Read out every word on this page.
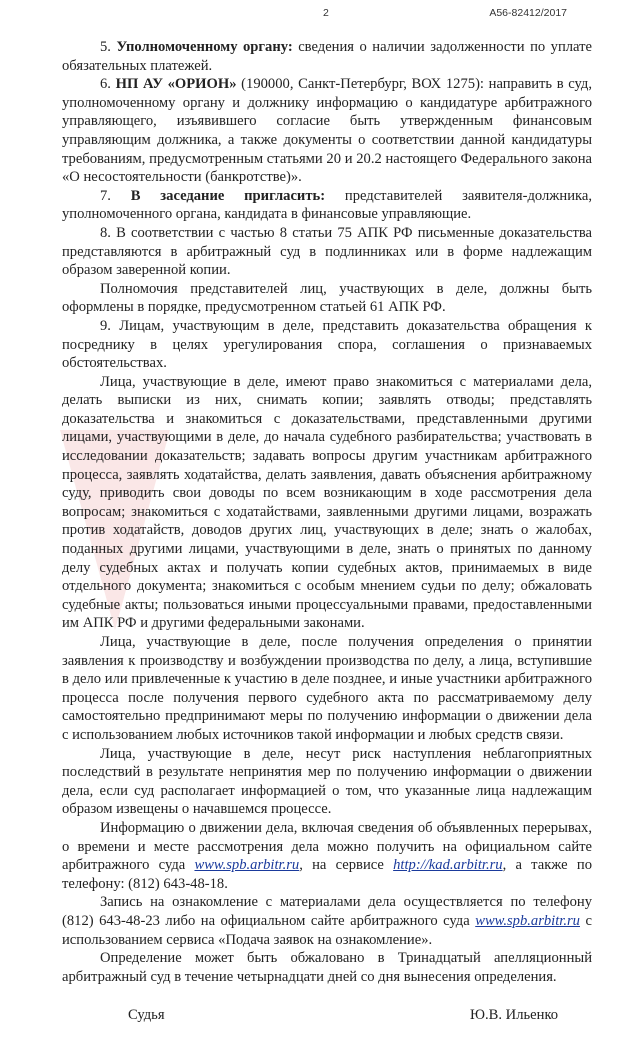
2	А56-82412/2017

5. Уполномоченному органу: сведения о наличии задолженности по уплате обязательных платежей.

6. НП АУ «ОРИОН» (190000, Санкт-Петербург, ВОХ 1275): направить в суд, уполномоченному органу и должнику информацию о кандидатуре арбитражного управляющего, изъявившего согласие быть утвержденным финансовым управляющим должника, а также документы о соответствии данной кандидатуры требованиям, предусмотренным статьями 20 и 20.2 настоящего Федерального закона «О несостоятельности (банкротстве)».

7. В заседание пригласить: представителей заявителя-должника, уполномоченного органа, кандидата в финансовые управляющие.

8. В соответствии с частью 8 статьи 75 АПК РФ письменные доказательства представляются в арбитражный суд в подлинниках или в форме надлежащим образом заверенной копии.

Полномочия представителей лиц, участвующих в деле, должны быть оформлены в порядке, предусмотренном статьей 61 АПК РФ.

9. Лицам, участвующим в деле, представить доказательства обращения к посреднику в целях урегулирования спора, соглашения о признаваемых обстоятельствах.

Лица, участвующие в деле, имеют право знакомиться с материалами дела, делать выписки из них, снимать копии; заявлять отводы; представлять доказательства и знакомиться с доказательствами, представленными другими лицами, участвующими в деле, до начала судебного разбирательства; участвовать в исследовании доказательств; задавать вопросы другим участникам арбитражного процесса, заявлять ходатайства, делать заявления, давать объяснения арбитражному суду, приводить свои доводы по всем возникающим в ходе рассмотрения дела вопросам; знакомиться с ходатайствами, заявленными другими лицами, возражать против ходатайств, доводов других лиц, участвующих в деле; знать о жалобах, поданных другими лицами, участвующими в деле, знать о принятых по данному делу судебных актах и получать копии судебных актов, принимаемых в виде отдельного документа; знакомиться с особым мнением судьи по делу; обжаловать судебные акты; пользоваться иными процессуальными правами, предоставленными им АПК РФ и другими федеральными законами.

Лица, участвующие в деле, после получения определения о принятии заявления к производству и возбуждении производства по делу, а лица, вступившие в дело или привлеченные к участию в деле позднее, и иные участники арбитражного процесса после получения первого судебного акта по рассматриваемому делу самостоятельно предпринимают меры по получению информации о движении дела с использованием любых источников такой информации и любых средств связи.

Лица, участвующие в деле, несут риск наступления неблагоприятных последствий в результате непринятия мер по получению информации о движении дела, если суд располагает информацией о том, что указанные лица надлежащим образом извещены о начавшемся процессе.

Информацию о движении дела, включая сведения об объявленных перерывах, о времени и месте рассмотрения дела можно получить на официальном сайте арбитражного суда www.spb.arbitr.ru, на сервисе http://kad.arbitr.ru, а также по телефону: (812) 643-48-18.

Запись на ознакомление с материалами дела осуществляется по телефону (812) 643-48-23 либо на официальном сайте арбитражного суда www.spb.arbitr.ru с использованием сервиса «Подача заявок на ознакомление».

Определение может быть обжаловано в Тринадцатый апелляционный арбитражный суд в течение четырнадцати дней со дня вынесения определения.

Судья	Ю.В. Ильенко
